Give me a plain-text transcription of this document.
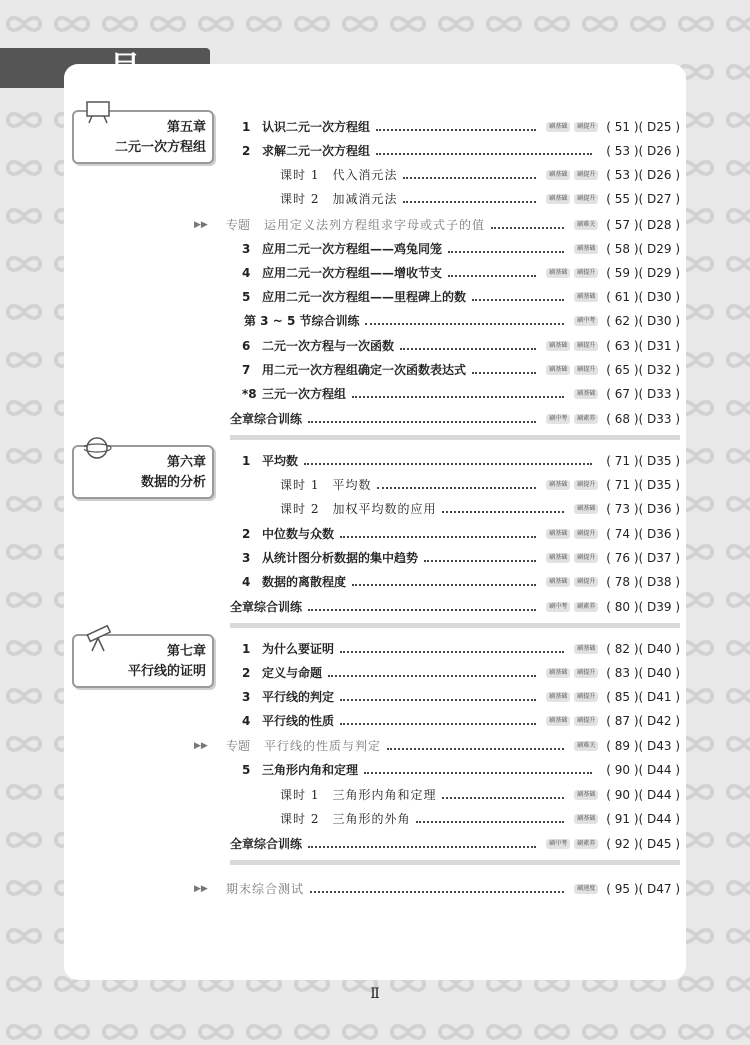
第五章
二元一次方程组
第六章
数据的分析
第七章
平行线的证明
1 认识二元一次方程组	刷基础	刷提升 ( 51 )( D25 )
2 求解二元一次方程组	( 53 )( D26 )
课时 1　代入消元法	刷基础	刷提升 ( 53 )( D26 )
课时 2　加减消元法	刷基础	刷提升 ( 55 )( D27 )
▶▶	专题 运用定义法列方程组求字母或式子的值	刷难关 ( 57 )( D28 )
3 应用二元一次方程组——鸡兔同笼	刷基础 ( 58 )( D29 )
4 应用二元一次方程组——增收节支	刷基础	刷提升 ( 59 )( D29 )
5 应用二元一次方程组——里程碑上的数	刷基础 ( 61 )( D30 )
第 3 ~ 5 节综合训练	刷中考 ( 62 )( D30 )
6 二元一次方程与一次函数	刷基础	刷提升 ( 63 )( D31 )
7 用二元一次方程组确定一次函数表达式	刷基础	刷提升 ( 65 )( D32 )
*8 三元一次方程组	刷基础 ( 67 )( D33 )
全章综合训练	刷中考	刷素养 ( 68 )( D33 )
1 平均数	( 71 )( D35 )
课时 1　平均数	刷基础	刷提升 ( 71 )( D35 )
课时 2　加权平均数的应用	刷基础 ( 73 )( D36 )
2 中位数与众数	刷基础	刷提升 ( 74 )( D36 )
3 从统计图分析数据的集中趋势	刷基础	刷提升 ( 76 )( D37 )
4 数据的离散程度	刷基础	刷提升 ( 78 )( D38 )
全章综合训练	刷中考	刷素养 ( 80 )( D39 )
1 为什么要证明	刷基础 ( 82 )( D40 )
2 定义与命题	刷基础	刷提升 ( 83 )( D40 )
3 平行线的判定	刷基础	刷提升 ( 85 )( D41 )
4 平行线的性质	刷基础	刷提升 ( 87 )( D42 )
▶▶	专题 平行线的性质与判定	刷难关 ( 89 )( D43 )
5 三角形内角和定理	( 90 )( D44 )
课时 1　三角形内角和定理	刷基础 ( 90 )( D44 )
课时 2　三角形的外角	刷基础 ( 91 )( D44 )
全章综合训练	刷中考	刷素养 ( 92 )( D45 )
▶▶	期末综合测试	刷速度 ( 95 )( D47 )
Ⅱ
